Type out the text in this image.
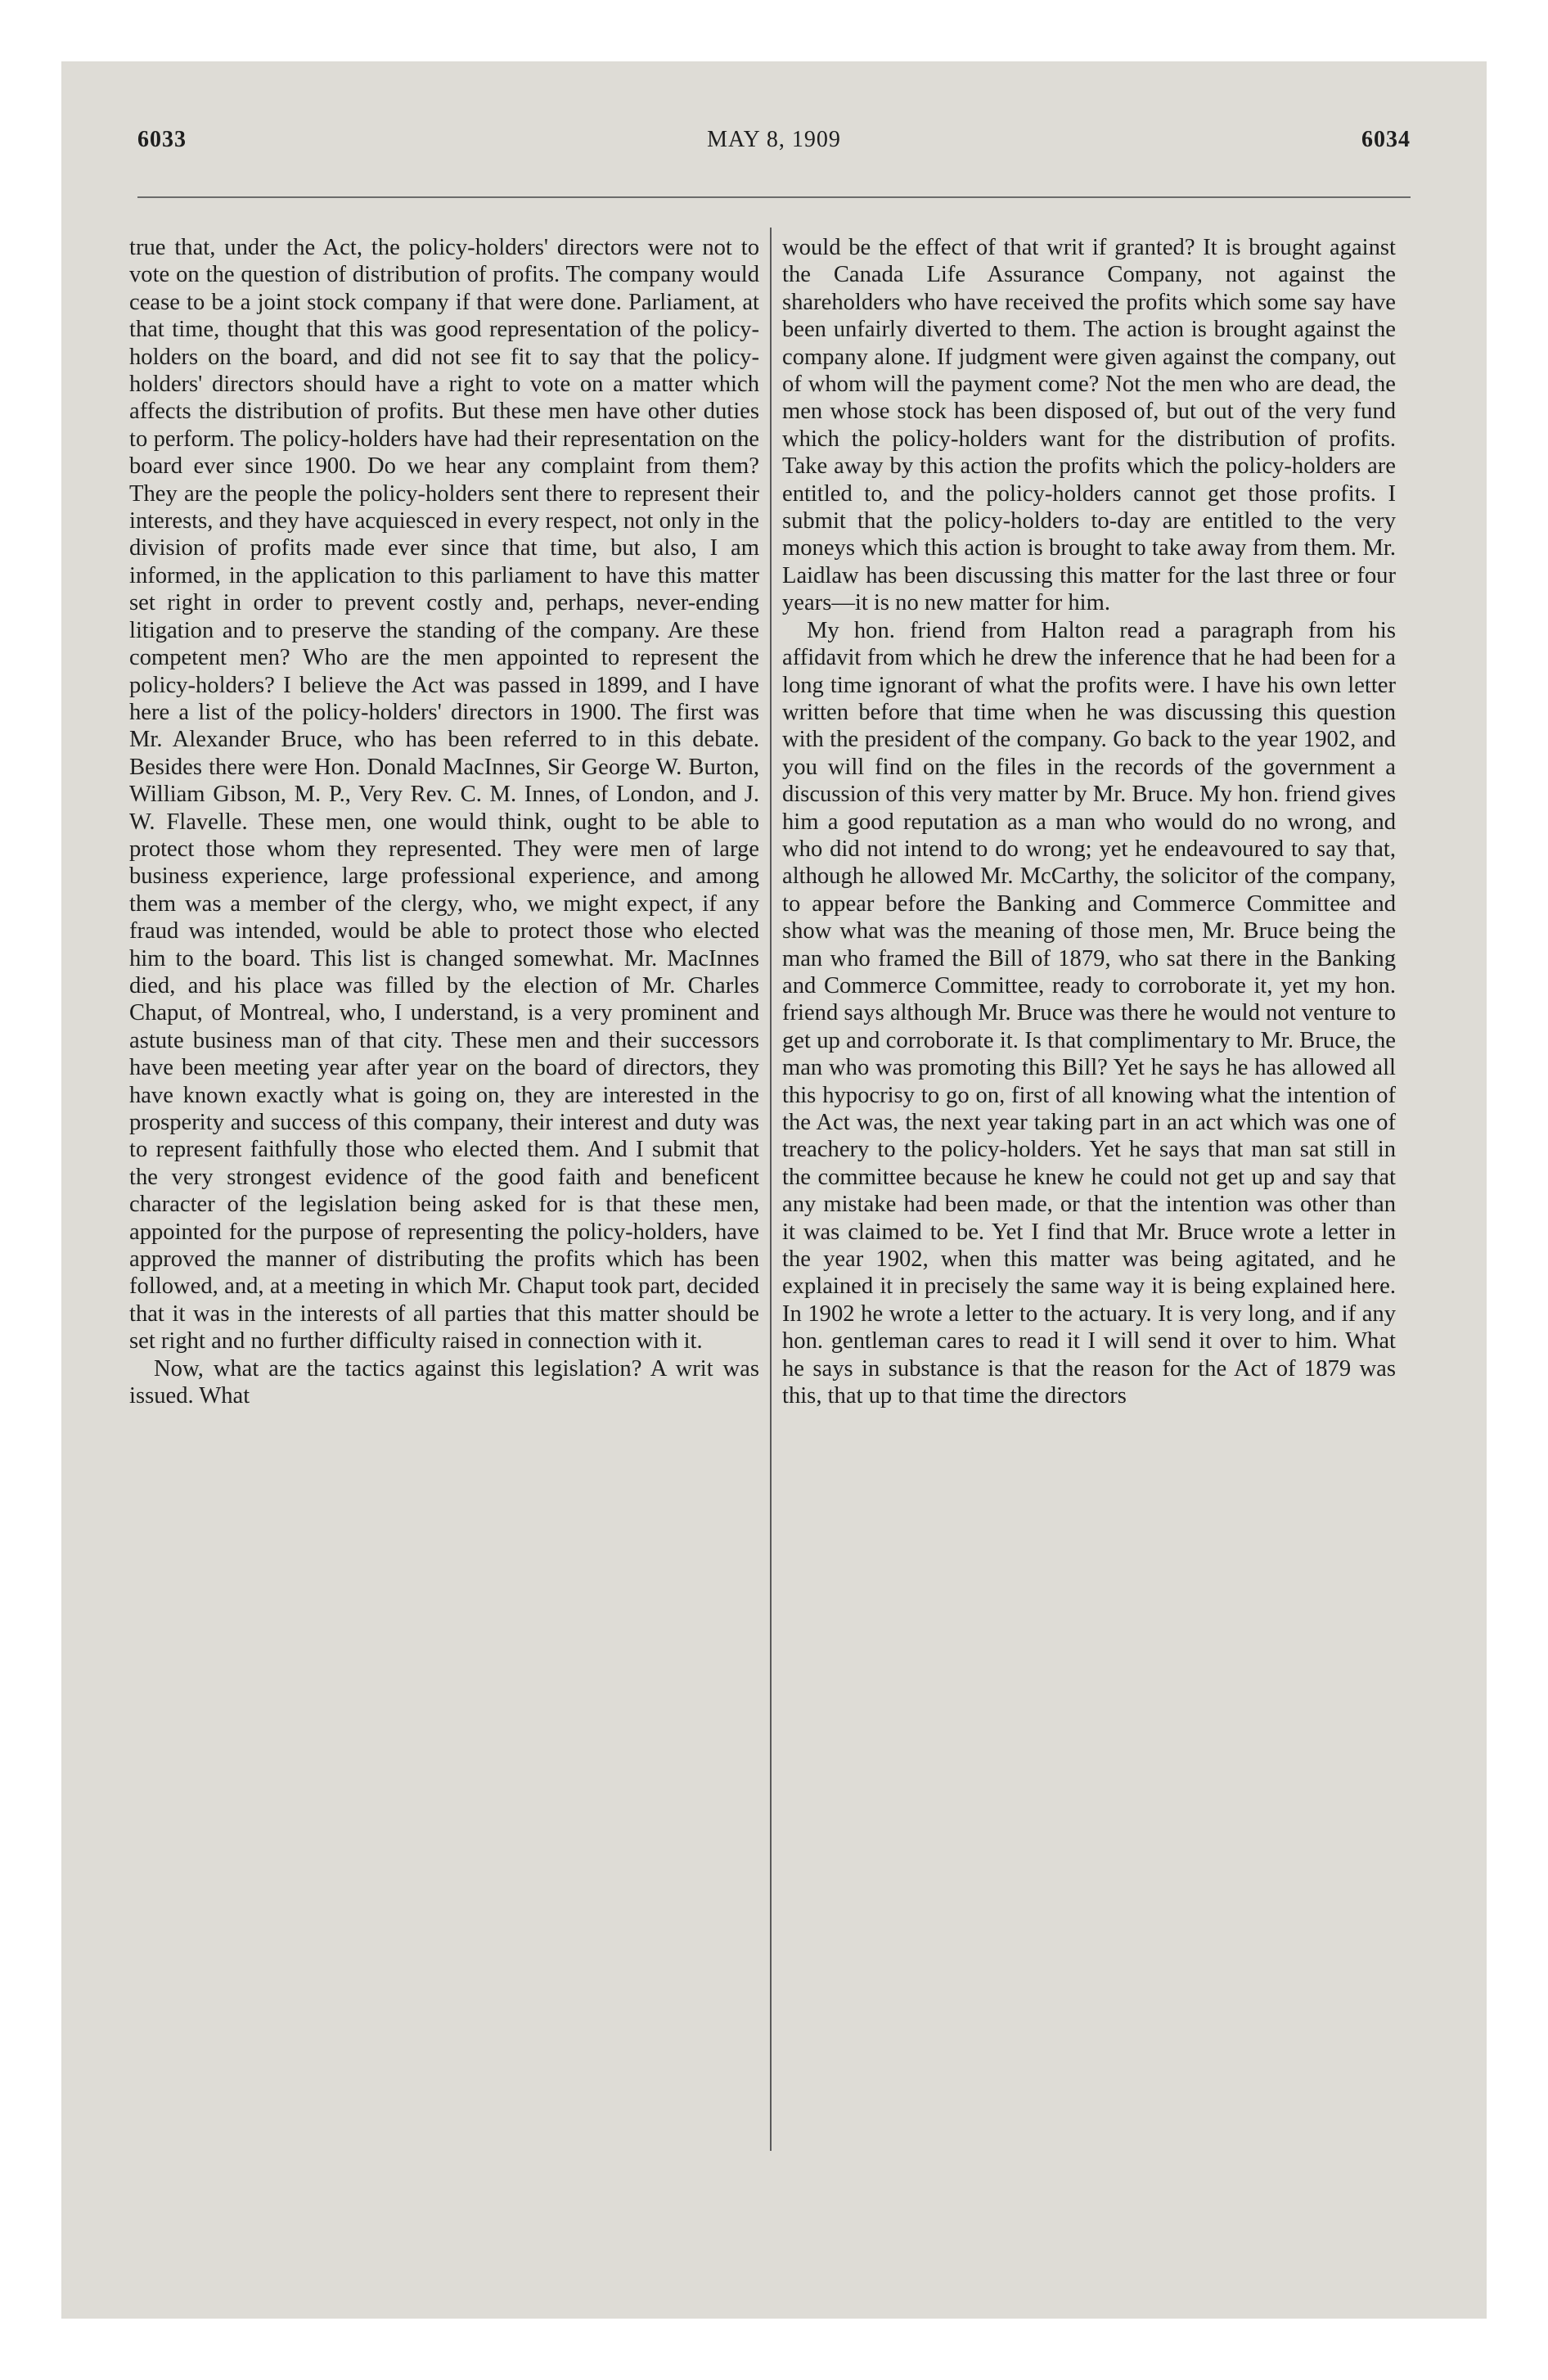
6033	MAY 8, 1909	6034

true that, under the Act, the policy-holders' directors were not to vote on the question of distribution of profits. The company would cease to be a joint stock company if that were done. Parliament, at that time, thought that this was good representation of the policy-holders on the board, and did not see fit to say that the policy-holders' directors should have a right to vote on a matter which affects the distribution of profits. But these men have other duties to perform. The policy-holders have had their representation on the board ever since 1900. Do we hear any complaint from them? They are the people the policy-holders sent there to represent their interests, and they have acquiesced in every respect, not only in the division of profits made ever since that time, but also, I am informed, in the application to this parliament to have this matter set right in order to prevent costly and, perhaps, never-ending litigation and to preserve the standing of the company. Are these competent men? Who are the men appointed to represent the policy-holders? I believe the Act was passed in 1899, and I have here a list of the policy-holders' directors in 1900. The first was Mr. Alexander Bruce, who has been referred to in this debate. Besides there were Hon. Donald MacInnes, Sir George W. Burton, William Gibson, M. P., Very Rev. C. M. Innes, of London, and J. W. Flavelle. These men, one would think, ought to be able to protect those whom they represented. They were men of large business experience, large professional experience, and among them was a member of the clergy, who, we might expect, if any fraud was intended, would be able to protect those who elected him to the board. This list is changed somewhat. Mr. MacInnes died, and his place was filled by the election of Mr. Charles Chaput, of Montreal, who, I understand, is a very prominent and astute business man of that city. These men and their successors have been meeting year after year on the board of directors, they have known exactly what is going on, they are interested in the prosperity and success of this company, their interest and duty was to represent faithfully those who elected them. And I submit that the very strongest evidence of the good faith and beneficent character of the legislation being asked for is that these men, appointed for the purpose of representing the policy-holders, have approved the manner of distributing the profits which has been followed, and, at a meeting in which Mr. Chaput took part, decided that it was in the interests of all parties that this matter should be set right and no further difficulty raised in connection with it.

Now, what are the tactics against this legislation? A writ was issued. What

would be the effect of that writ if granted? It is brought against the Canada Life Assurance Company, not against the shareholders who have received the profits which some say have been unfairly diverted to them. The action is brought against the company alone. If judgment were given against the company, out of whom will the payment come? Not the men who are dead, the men whose stock has been disposed of, but out of the very fund which the policy-holders want for the distribution of profits. Take away by this action the profits which the policy-holders are entitled to, and the policy-holders cannot get those profits. I submit that the policy-holders to-day are entitled to the very moneys which this action is brought to take away from them. Mr. Laidlaw has been discussing this matter for the last three or four years—it is no new matter for him.

My hon. friend from Halton read a paragraph from his affidavit from which he drew the inference that he had been for a long time ignorant of what the profits were. I have his own letter written before that time when he was discussing this question with the president of the company. Go back to the year 1902, and you will find on the files in the records of the government a discussion of this very matter by Mr. Bruce. My hon. friend gives him a good reputation as a man who would do no wrong, and who did not intend to do wrong; yet he endeavoured to say that, although he allowed Mr. McCarthy, the solicitor of the company, to appear before the Banking and Commerce Committee and show what was the meaning of those men, Mr. Bruce being the man who framed the Bill of 1879, who sat there in the Banking and Commerce Committee, ready to corroborate it, yet my hon. friend says although Mr. Bruce was there he would not venture to get up and corroborate it. Is that complimentary to Mr. Bruce, the man who was promoting this Bill? Yet he says he has allowed all this hypocrisy to go on, first of all knowing what the intention of the Act was, the next year taking part in an act which was one of treachery to the policy-holders. Yet he says that man sat still in the committee because he knew he could not get up and say that any mistake had been made, or that the intention was other than it was claimed to be. Yet I find that Mr. Bruce wrote a letter in the year 1902, when this matter was being agitated, and he explained it in precisely the same way it is being explained here. In 1902 he wrote a letter to the actuary. It is very long, and if any hon. gentleman cares to read it I will send it over to him. What he says in substance is that the reason for the Act of 1879 was this, that up to that time the directors
